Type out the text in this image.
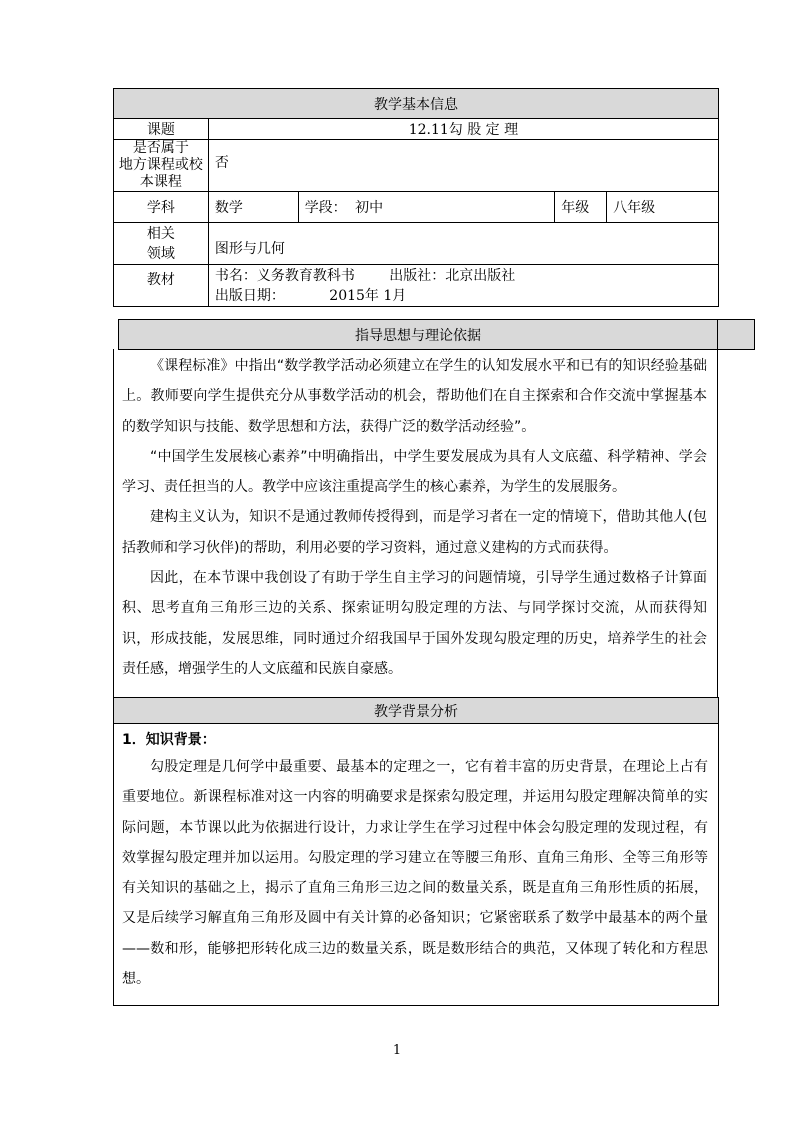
教学基本信息				
课题	12.11勾 股 定 理			
是否属于
地方课程或校本课程	否			
学科	数学	学段： 初中	年级	八年级
相关
领域	图形与几何			
教材	书名：义务教育教科书 出版社：北京出版社
出版日期： 2015年 1月			
指导思想与理论依据	

《课程标准》中指出“数学教学活动必须建立在学生的认知发展水平和已有的知识经验基础上。教师要向学生提供充分从事数学活动的机会，帮助他们在自主探索和合作交流中掌握基本的数学知识与技能、数学思想和方法，获得广泛的数学活动经验”。

“中国学生发展核心素养”中明确指出，中学生要发展成为具有人文底蕴、科学精神、学会学习、责任担当的人。教学中应该注重提高学生的核心素养，为学生的发展服务。

建构主义认为，知识不是通过教师传授得到，而是学习者在一定的情境下，借助其他人(包括教师和学习伙伴)的帮助，利用必要的学习资料，通过意义建构的方式而获得。

因此，在本节课中我创设了有助于学生自主学习的问题情境，引导学生通过数格子计算面积、思考直角三角形三边的关系、探索证明勾股定理的方法、与同学探讨交流，从而获得知识，形成技能，发展思维，同时通过介绍我国早于国外发现勾股定理的历史，培养学生的社会责任感，增强学生的人文底蕴和民族自豪感。

教学背景分析

1．知识背景：

勾股定理是几何学中最重要、最基本的定理之一，它有着丰富的历史背景，在理论上占有重要地位。新课程标准对这一内容的明确要求是探索勾股定理，并运用勾股定理解决简单的实际问题，本节课以此为依据进行设计，力求让学生在学习过程中体会勾股定理的发现过程，有效掌握勾股定理并加以运用。勾股定理的学习建立在等腰三角形、直角三角形、全等三角形等有关知识的基础之上，揭示了直角三角形三边之间的数量关系，既是直角三角形性质的拓展，又是后续学习解直角三角形及圆中有关计算的必备知识；它紧密联系了数学中最基本的两个量——数和形，能够把形转化成三边的数量关系，既是数形结合的典范，又体现了转化和方程思想。

1
